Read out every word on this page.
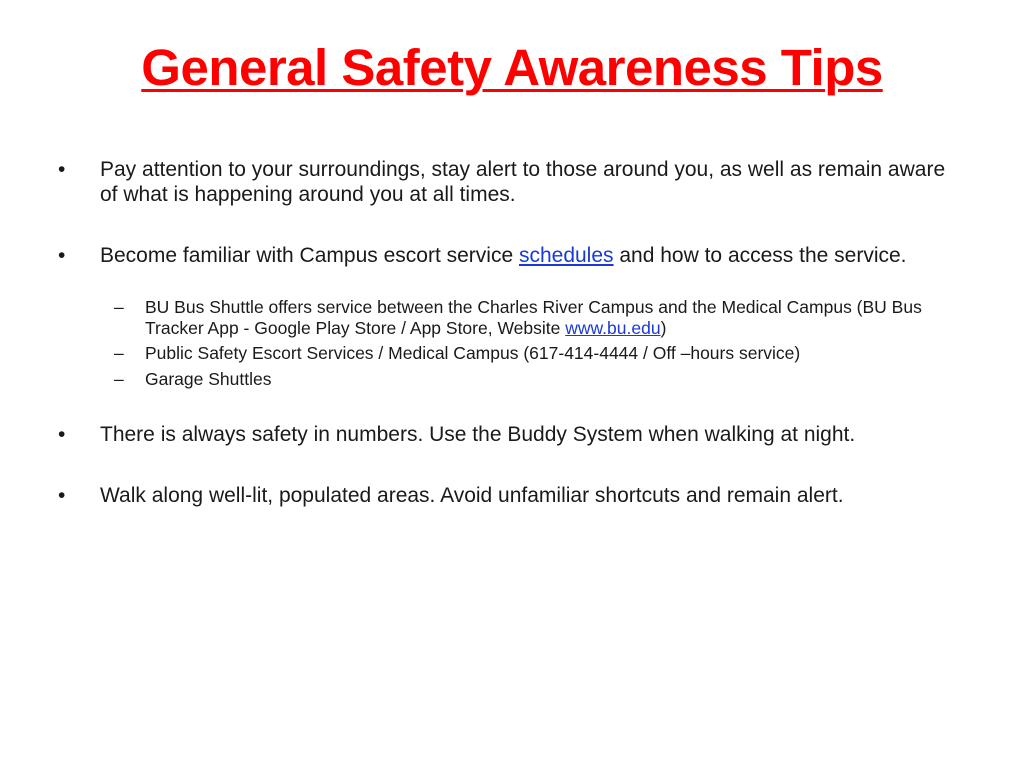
General Safety Awareness Tips
•	Pay attention to your surroundings, stay alert to those around you, as well as remain aware of what is happening around you at all times.
•	Become familiar with Campus escort service schedules and how to access the service.
– BU Bus Shuttle offers service between the Charles River Campus and the Medical Campus (BU Bus Tracker App - Google Play Store / App Store, Website www.bu.edu)
– Public Safety Escort Services / Medical Campus (617-414-4444 / Off –hours service)
– Garage Shuttles
•	There is always safety in numbers. Use the Buddy System when walking at night.
•	Walk along well-lit, populated areas. Avoid unfamiliar shortcuts and remain alert.
